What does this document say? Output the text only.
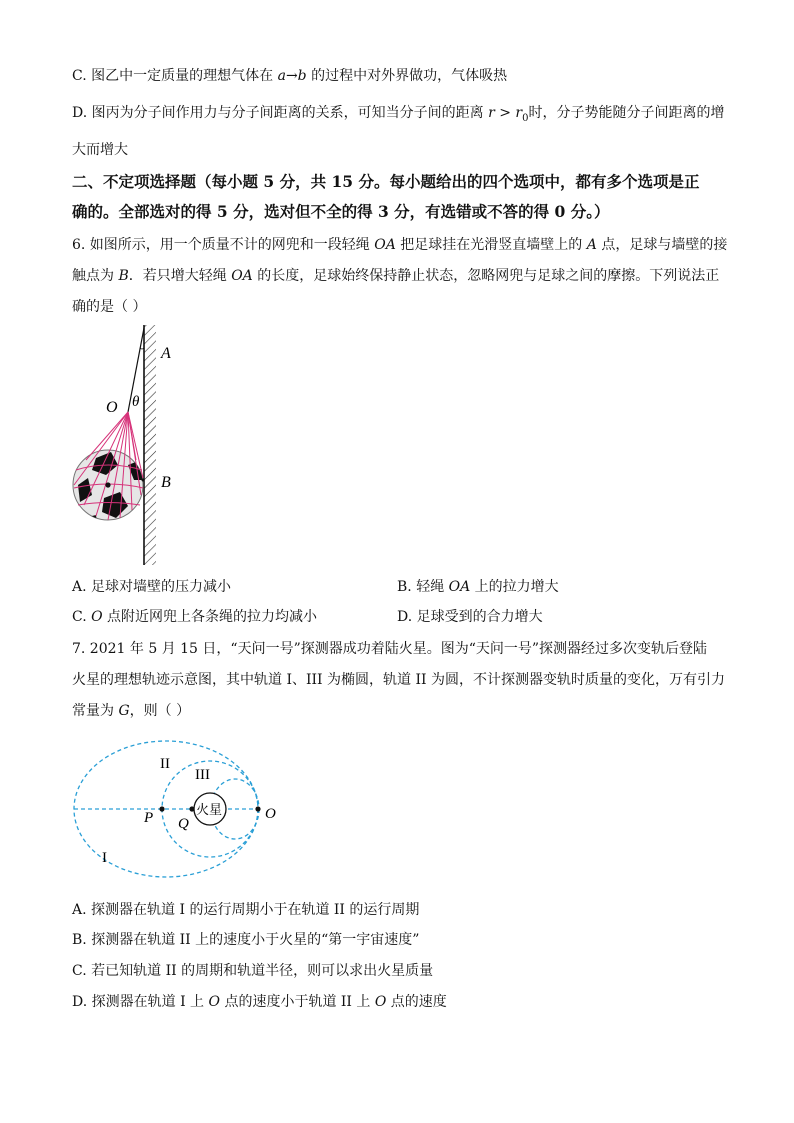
C. 图乙中一定质量的理想气体在 a→b 的过程中对外界做功，气体吸热
D. 图丙为分子间作用力与分子间距离的关系，可知当分子间的距离 $r > r_0$时，分子势能随分子间距离的增
大而增大
二、不定项选择题（每小题 5 分，共 15 分。每小题给出的四个选项中，都有多个选项是正
确的。全部选对的得 5 分，选对但不全的得 3 分，有选错或不答的得 0 分。）
6. 如图所示，用一个质量不计的网兜和一段轻绳 OA 把足球挂在光滑竖直墙壁上的 A 点，足球与墙壁的接
触点为 B．若只增大轻绳 OA 的长度，足球始终保持静止状态，忽略网兜与足球之间的摩擦。下列说法正
确的是（ ）
A
O θ
B
A. 足球对墙壁的压力减小	B. 轻绳 OA 上的拉力增大
C. O 点附近网兜上各条绳的拉力均减小	D. 足球受到的合力增大
7. 2021 年 5 月 15 日，“天问一号”探测器成功着陆火星。图为“天问一号”探测器经过多次变轨后登陆
火星的理想轨迹示意图，其中轨道 I、III 为椭圆，轨道 II 为圆，不计探测器变轨时质量的变化，万有引力
常量为 G，则（ ）
火星
II
III
I
P Q
O
A. 探测器在轨道 I 的运行周期小于在轨道 II 的运行周期
B. 探测器在轨道 II 上的速度小于火星的“第一宇宙速度”
C. 若已知轨道 II 的周期和轨道半径，则可以求出火星质量
D. 探测器在轨道 I 上 O 点的速度小于轨道 II 上 O 点的速度
